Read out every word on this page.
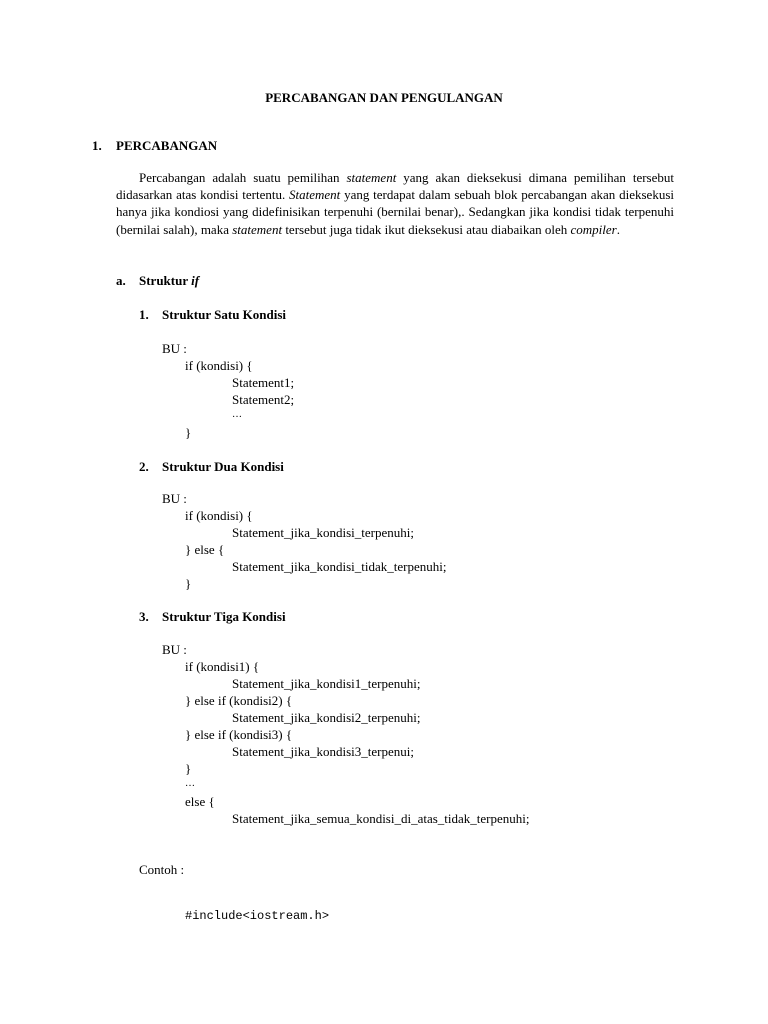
PERCABANGAN DAN PENGULANGAN
1. PERCABANGAN
Percabangan adalah suatu pemilihan statement yang akan dieksekusi dimana pemilihan tersebut didasarkan atas kondisi tertentu. Statement yang terdapat dalam sebuah blok percabangan akan dieksekusi hanya jika kondiosi yang didefinisikan terpenuhi (bernilai benar),. Sedangkan jika kondisi tidak terpenuhi (bernilai salah), maka statement tersebut juga tidak ikut dieksekusi atau diabaikan oleh compiler.
a. Struktur if
1. Struktur Satu Kondisi
BU :
if (kondisi) {
Statement1;
Statement2;
…
}
2. Struktur Dua Kondisi
BU :
if (kondisi) {
Statement_jika_kondisi_terpenuhi;
} else {
Statement_jika_kondisi_tidak_terpenuhi;
}
3. Struktur Tiga Kondisi
BU :
if (kondisi1) {
Statement_jika_kondisi1_terpenuhi;
} else if (kondisi2) {
Statement_jika_kondisi2_terpenuhi;
} else if (kondisi3) {
Statement_jika_kondisi3_terpenui;
}
…
else {
Statement_jika_semua_kondisi_di_atas_tidak_terpenuhi;
Contoh :
#include<iostream.h>
